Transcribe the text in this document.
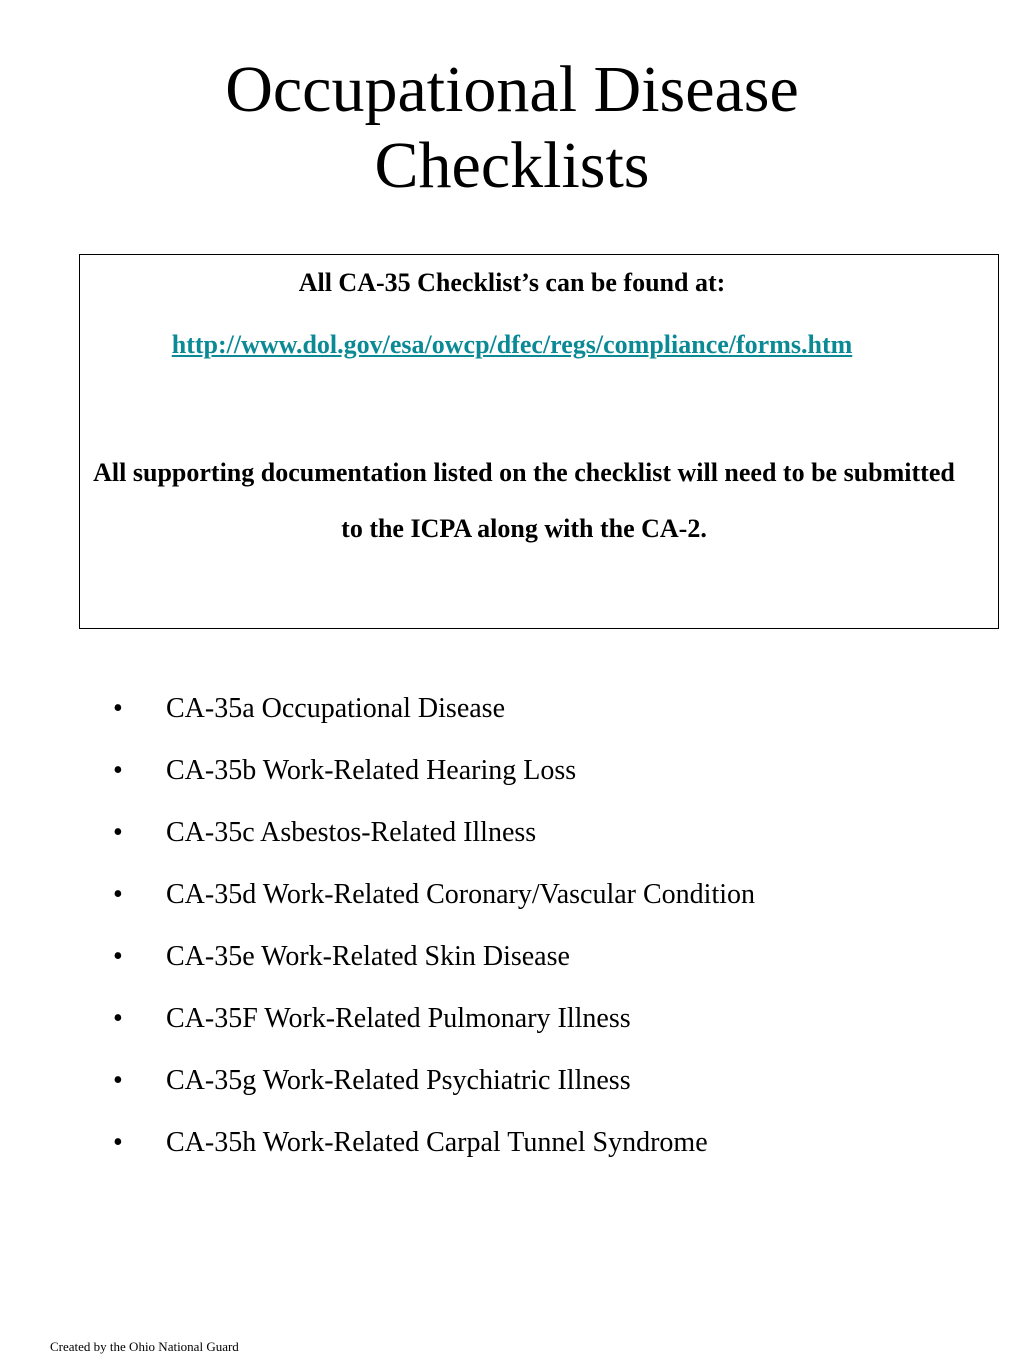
Occupational Disease
Checklists
All CA-35 Checklist’s can be found at:
http://www.dol.gov/esa/owcp/dfec/regs/compliance/forms.htm

All supporting documentation listed on the checklist will need to be submitted to the ICPA along with the CA-2.

• CA-35a Occupational Disease
• CA-35b Work-Related Hearing Loss
• CA-35c Asbestos-Related Illness
• CA-35d Work-Related Coronary/Vascular Condition
• CA-35e Work-Related Skin Disease
• CA-35F Work-Related Pulmonary Illness
• CA-35g Work-Related Psychiatric Illness
• CA-35h Work-Related Carpal Tunnel Syndrome
Created by the Ohio National Guard
